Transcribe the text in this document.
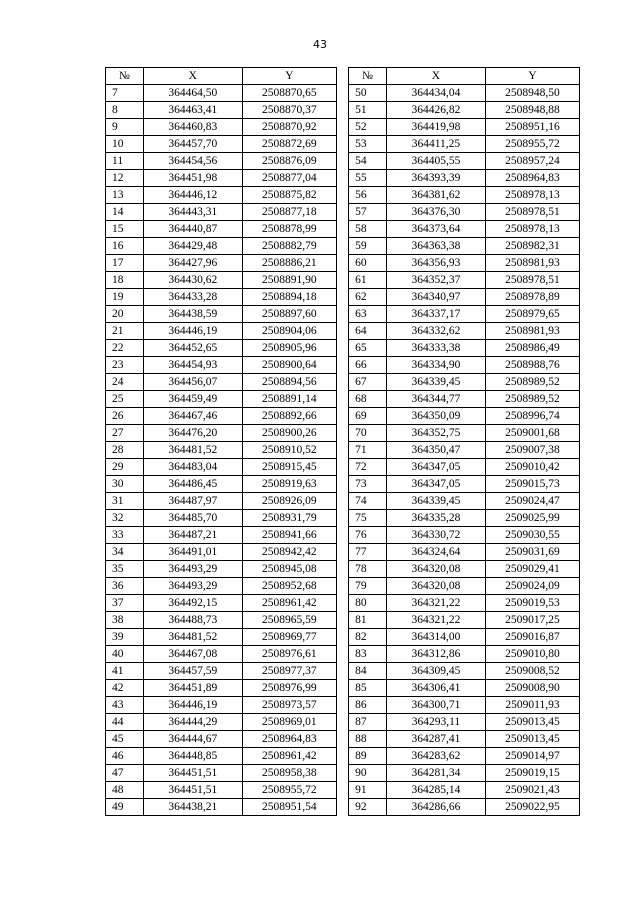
43
№	X	Y		№	X	Y
7	364464,50	2508870,65		50	364434,04	2508948,50
8	364463,41	2508870,37		51	364426,82	2508948,88
9	364460,83	2508870,92		52	364419,98	2508951,16
10	364457,70	2508872,69		53	364411,25	2508955,72
11	364454,56	2508876,09		54	364405,55	2508957,24
12	364451,98	2508877,04		55	364393,39	2508964,83
13	364446,12	2508875,82		56	364381,62	2508978,13
14	364443,31	2508877,18		57	364376,30	2508978,51
15	364440,87	2508878,99		58	364373,64	2508978,13
16	364429,48	2508882,79		59	364363,38	2508982,31
17	364427,96	2508886,21		60	364356,93	2508981,93
18	364430,62	2508891,90		61	364352,37	2508978,51
19	364433,28	2508894,18		62	364340,97	2508978,89
20	364438,59	2508897,60		63	364337,17	2508979,65
21	364446,19	2508904,06		64	364332,62	2508981,93
22	364452,65	2508905,96		65	364333,38	2508986,49
23	364454,93	2508900,64		66	364334,90	2508988,76
24	364456,07	2508894,56		67	364339,45	2508989,52
25	364459,49	2508891,14		68	364344,77	2508989,52
26	364467,46	2508892,66		69	364350,09	2508996,74
27	364476,20	2508900,26		70	364352,75	2509001,68
28	364481,52	2508910,52		71	364350,47	2509007,38
29	364483,04	2508915,45		72	364347,05	2509010,42
30	364486,45	2508919,63		73	364347,05	2509015,73
31	364487,97	2508926,09		74	364339,45	2509024,47
32	364485,70	2508931,79		75	364335,28	2509025,99
33	364487,21	2508941,66		76	364330,72	2509030,55
34	364491,01	2508942,42		77	364324,64	2509031,69
35	364493,29	2508945,08		78	364320,08	2509029,41
36	364493,29	2508952,68		79	364320,08	2509024,09
37	364492,15	2508961,42		80	364321,22	2509019,53
38	364488,73	2508965,59		81	364321,22	2509017,25
39	364481,52	2508969,77		82	364314,00	2509016,87
40	364467,08	2508976,61		83	364312,86	2509010,80
41	364457,59	2508977,37		84	364309,45	2509008,52
42	364451,89	2508976,99		85	364306,41	2509008,90
43	364446,19	2508973,57		86	364300,71	2509011,93
44	364444,29	2508969,01		87	364293,11	2509013,45
45	364444,67	2508964,83		88	364287,41	2509013,45
46	364448,85	2508961,42		89	364283,62	2509014,97
47	364451,51	2508958,38		90	364281,34	2509019,15
48	364451,51	2508955,72		91	364285,14	2509021,43
49	364438,21	2508951,54		92	364286,66	2509022,95
